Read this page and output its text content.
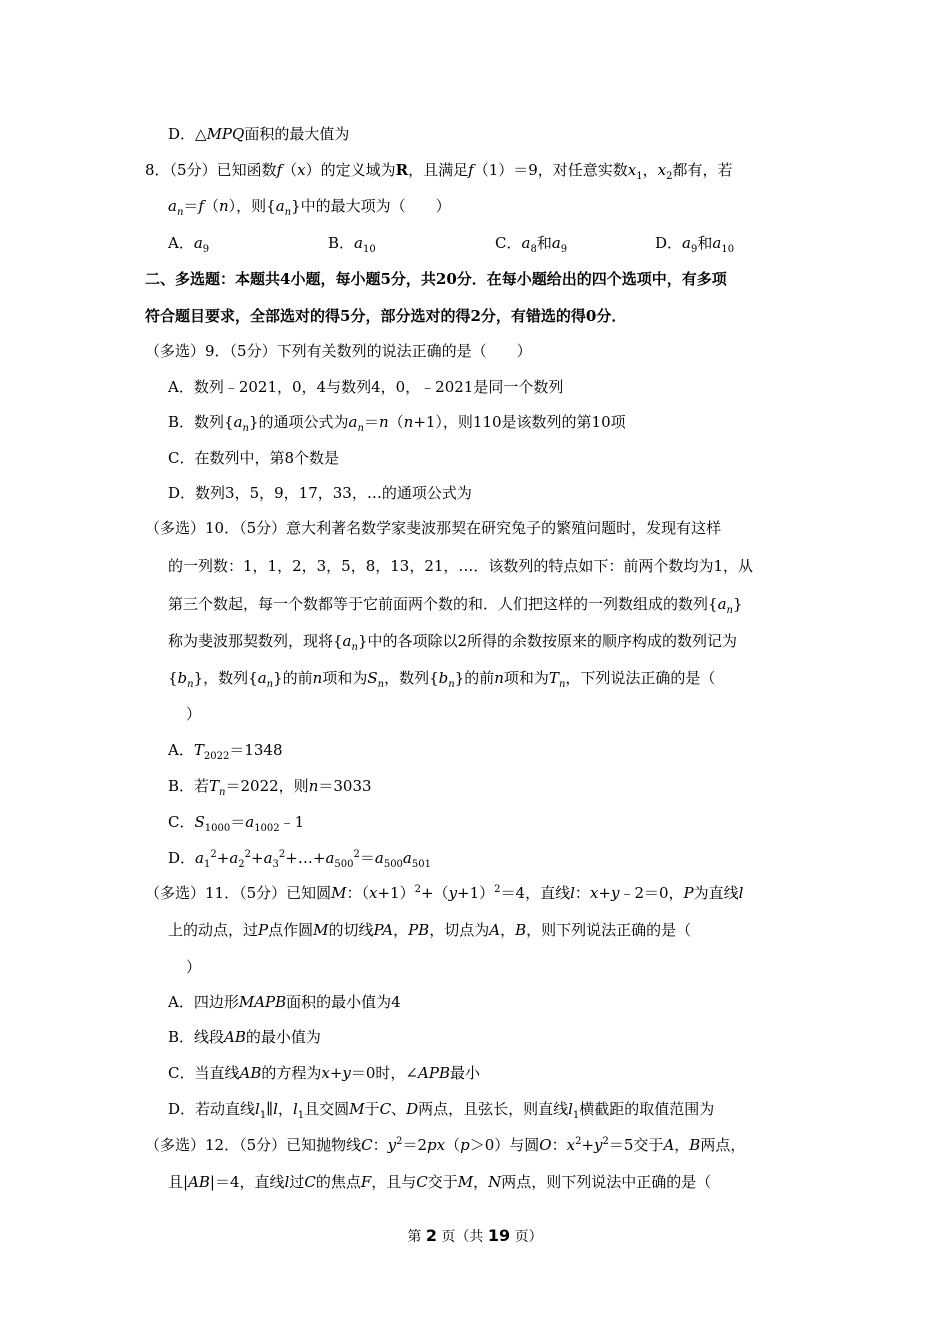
D．△MPQ面积的最大值为
8．（5分）已知函数f（x）的定义域为R，且满足f（1）＝9，对任意实数$x_1$，$x_2$都有，若
$a_n=f(n)$，则$\{a_n\}$中的最大项为（　　）
A．$a_9$	B．$a_{10}$	C．$a_8$和$a_9$	D．$a_9$和$a_{10}$
二、多选题：本题共4小题，每小题5分，共20分．在每小题给出的四个选项中，有多项
符合题目要求，全部选对的得5分，部分选对的得2分，有错选的得0分．
（多选）9．（5分）下列有关数列的说法正确的是（　　）
A．数列﹣2021，0，4与数列4，0，﹣2021是同一个数列
B．数列$\{a_n\}$的通项公式为$a_n=n(n+1)$，则110是该数列的第10项
C．在数列中，第8个数是
D．数列3，5，9，17，33，…的通项公式为
（多选）10．（5分）意大利著名数学家斐波那契在研究兔子的繁殖问题时，发现有这样
的一列数：1，1，2，3，5，8，13，21，…．该数列的特点如下：前两个数均为1，从
第三个数起，每一个数都等于它前面两个数的和．人们把这样的一列数组成的数列$\{a_n\}$
称为斐波那契数列，现将$\{a_n\}$中的各项除以2所得的余数按原来的顺序构成的数列记为
$\{b_n\}$，数列$\{a_n\}$的前n项和为$S_n$，数列$\{b_n\}$的前n项和为$T_n$，下列说法正确的是（
）
A．$T_{2022}=1348$
B．若$T_n=2022$，则n＝3033
C．$S_{1000}=a_{1002}﹣1$
D．$a_1^2+a_2^2+a_3^2+\dots+a_{500}^2=a_{500}a_{501}$
（多选）11．（5分）已知圆M：$(x+1)^2+(y+1)^2=4$，直线l：x+y﹣2＝0，P为直线l
上的动点，过P点作圆M的切线PA，PB，切点为A，B，则下列说法正确的是（
）
A．四边形MAPB面积的最小值为4
B．线段AB的最小值为
C．当直线AB的方程为x+y＝0时，∠APB最小
D．若动直线$l_1\parallel l$，$l_1$且交圆M于C、D两点，且弦长，则直线$l_1$横截距的取值范围为
（多选）12．（5分）已知抛物线C：$y^2=2px(p>0)$与圆O：$x^2+y^2=5$交于A，B两点，
且|AB|＝4，直线l过C的焦点F，且与C交于M，N两点，则下列说法中正确的是（
第 2 页（共 19 页）
